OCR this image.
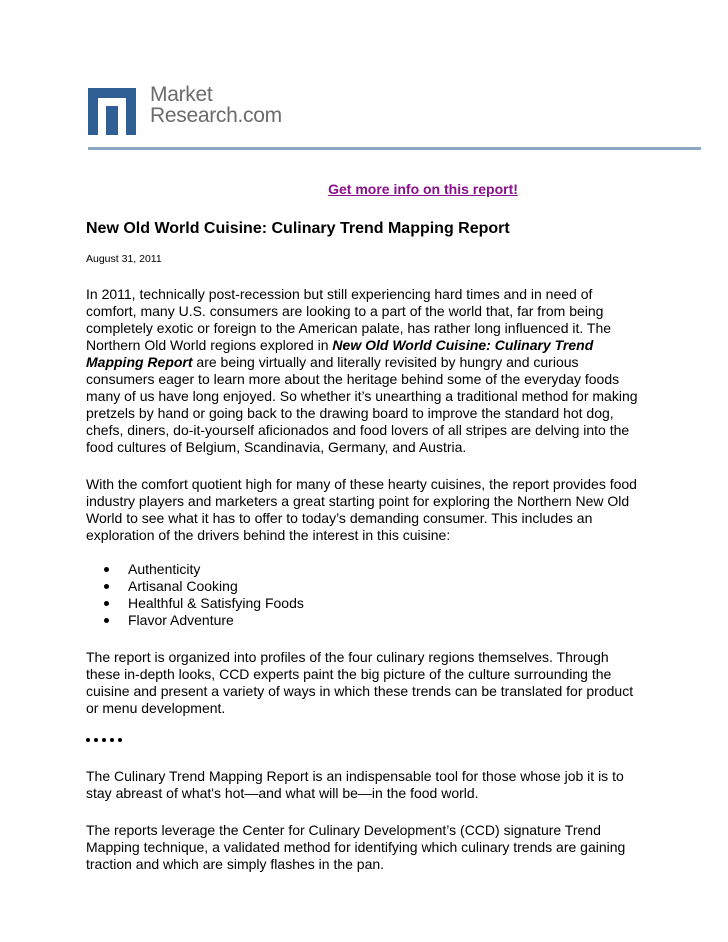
Market
Research.com
Get more info on this report!
New Old World Cuisine: Culinary Trend Mapping Report
August 31, 2011

In 2011, technically post-recession but still experiencing hard times and in need of comfort, many U.S. consumers are looking to a part of the world that, far from being completely exotic or foreign to the American palate, has rather long influenced it. The Northern Old World regions explored in New Old World Cuisine: Culinary Trend Mapping Report are being virtually and literally revisited by hungry and curious consumers eager to learn more about the heritage behind some of the everyday foods many of us have long enjoyed. So whether it’s unearthing a traditional method for making pretzels by hand or going back to the drawing board to improve the standard hot dog, chefs, diners, do-it-yourself aficionados and food lovers of all stripes are delving into the food cultures of Belgium, Scandinavia, Germany, and Austria.

With the comfort quotient high for many of these hearty cuisines, the report provides food industry players and marketers a great starting point for exploring the Northern New Old World to see what it has to offer to today’s demanding consumer. This includes an exploration of the drivers behind the interest in this cuisine:

Authenticity
Artisanal Cooking
Healthful & Satisfying Foods
Flavor Adventure

The report is organized into profiles of the four culinary regions themselves. Through these in-depth looks, CCD experts paint the big picture of the culture surrounding the cuisine and present a variety of ways in which these trends can be translated for product or menu development.

The Culinary Trend Mapping Report is an indispensable tool for those whose job it is to stay abreast of what's hot—and what will be—in the food world.

The reports leverage the Center for Culinary Development’s (CCD) signature Trend Mapping technique, a validated method for identifying which culinary trends are gaining traction and which are simply flashes in the pan.
